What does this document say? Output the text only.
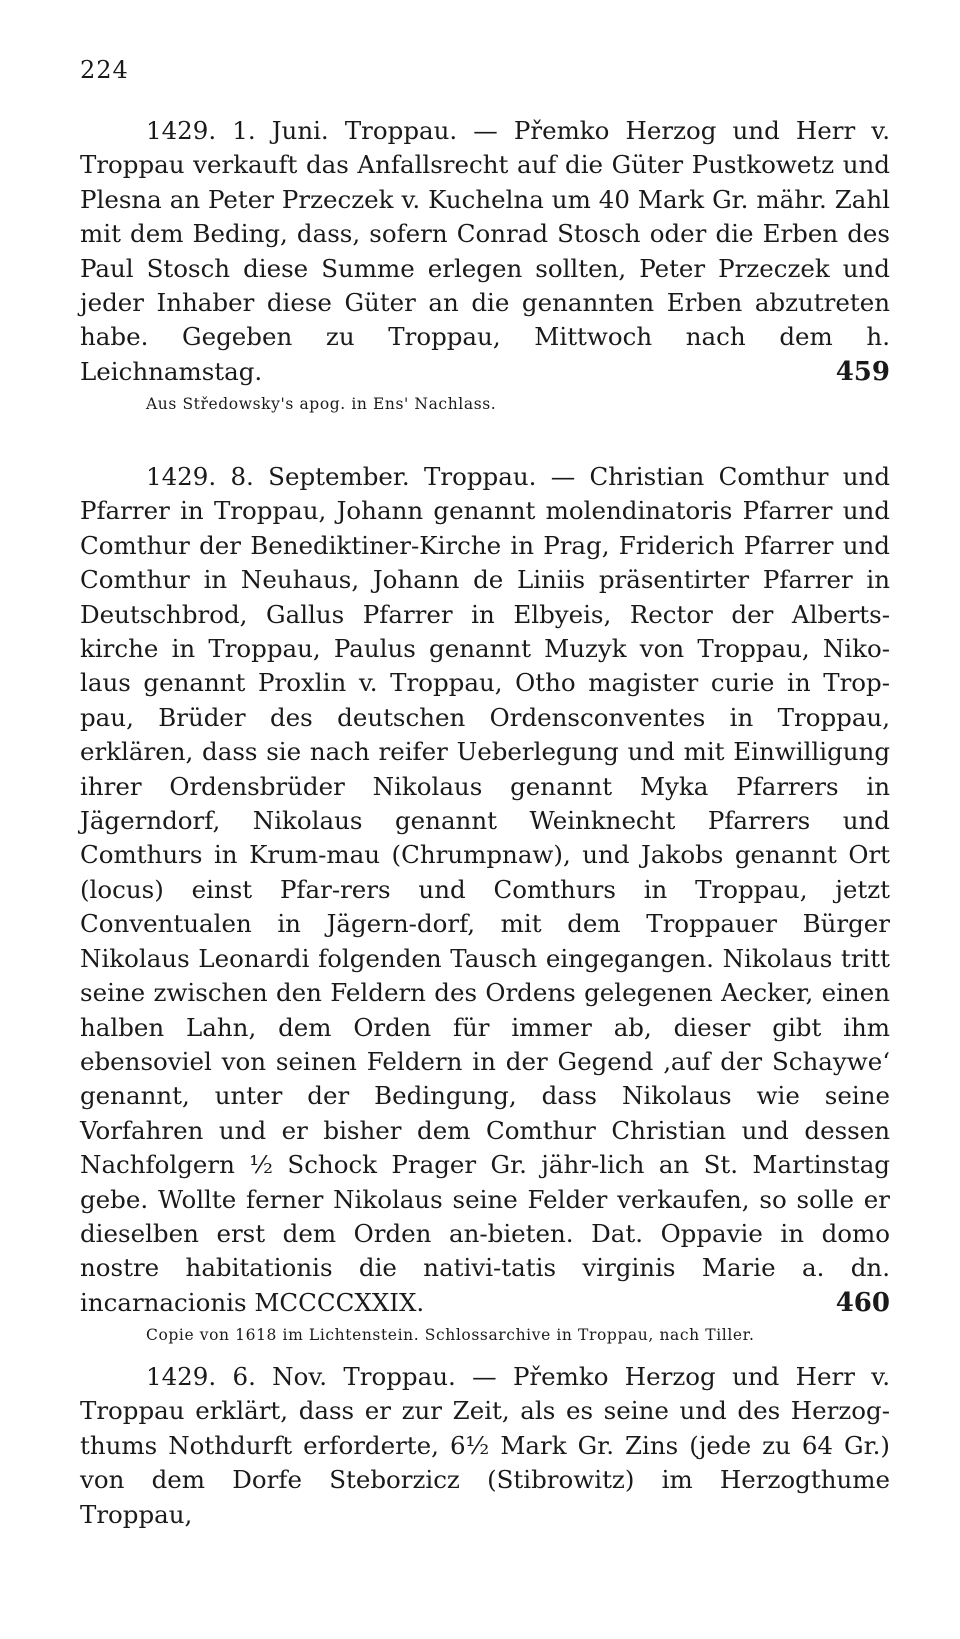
224

1429. 1. Juni. Troppau. — Přemko Herzog und Herr v. Troppau verkauft das Anfallsrecht auf die Güter Pustkowetz und Plesna an Peter Przeczek v. Kuchelna um 40 Mark Gr. mähr. Zahl mit dem Beding, dass, sofern Conrad Stosch oder die Erben des Paul Stosch diese Summe erlegen sollten, Peter Przeczek und jeder Inhaber diese Güter an die genannten Erben abzutreten habe. Gegeben zu Troppau, Mittwoch nach dem h. Leichnamstag.	459

Aus Středowsky's apog. in Ens' Nachlass.

1429. 8. September. Troppau. — Christian Comthur und Pfarrer in Troppau, Johann genannt molendinatoris Pfarrer und Comthur der Benediktiner-Kirche in Prag, Friderich Pfarrer und Comthur in Neuhaus, Johann de Liniis präsentirter Pfarrer in Deutschbrod, Gallus Pfarrer in Elbyeis, Rector der Alberts-kirche in Troppau, Paulus genannt Muzyk von Troppau, Niko-laus genannt Proxlin v. Troppau, Otho magister curie in Trop-pau, Brüder des deutschen Ordensconventes in Troppau, erklären, dass sie nach reifer Ueberlegung und mit Einwilligung ihrer Ordensbrüder Nikolaus genannt Myka Pfarrers in Jägerndorf, Nikolaus genannt Weinknecht Pfarrers und Comthurs in Krum-mau (Chrumpnaw), und Jakobs genannt Ort (locus) einst Pfar-rers und Comthurs in Troppau, jetzt Conventualen in Jägern-dorf, mit dem Troppauer Bürger Nikolaus Leonardi folgenden Tausch eingegangen. Nikolaus tritt seine zwischen den Feldern des Ordens gelegenen Aecker, einen halben Lahn, dem Orden für immer ab, dieser gibt ihm ebensoviel von seinen Feldern in der Gegend ‚auf der Schaywe‘ genannt, unter der Bedingung, dass Nikolaus wie seine Vorfahren und er bisher dem Comthur Christian und dessen Nachfolgern ½ Schock Prager Gr. jähr-lich an St. Martinstag gebe. Wollte ferner Nikolaus seine Felder verkaufen, so solle er dieselben erst dem Orden an-bieten. Dat. Oppavie in domo nostre habitationis die nativi-tatis virginis Marie a. dn. incarnacionis MCCCCXXIX.	460

Copie von 1618 im Lichtenstein. Schlossarchive in Troppau, nach Tiller.

1429. 6. Nov. Troppau. — Přemko Herzog und Herr v. Troppau erklärt, dass er zur Zeit, als es seine und des Herzog-thums Nothdurft erforderte, 6½ Mark Gr. Zins (jede zu 64 Gr.) von dem Dorfe Steborzicz (Stibrowitz) im Herzogthume Troppau,
